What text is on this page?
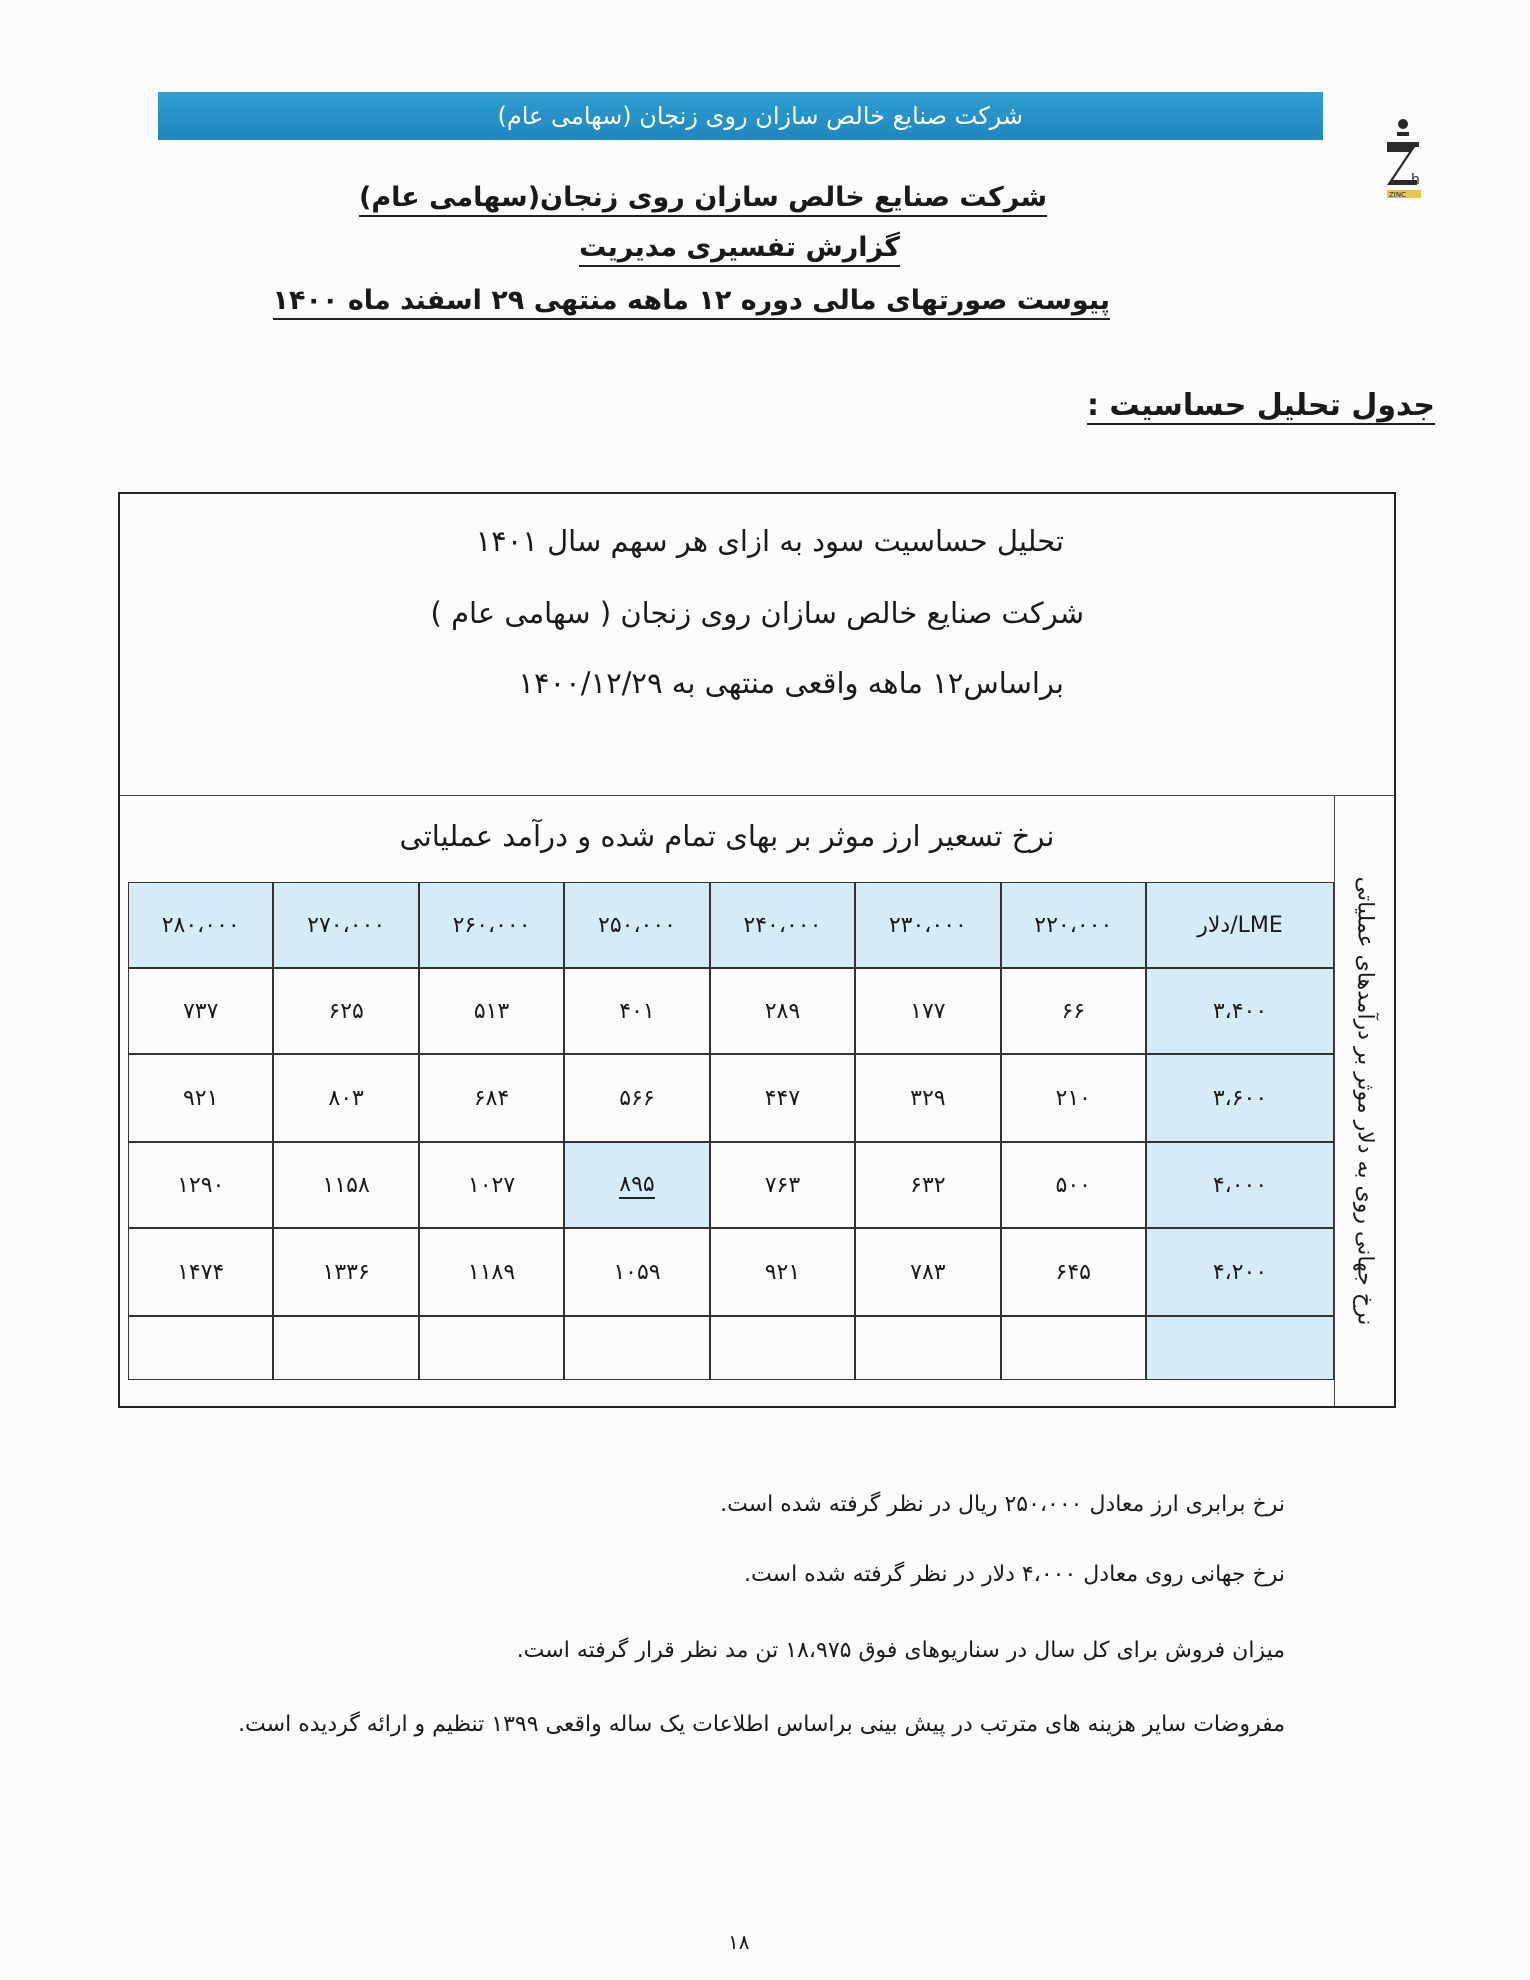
شرکت صنایع خالص سازان روی زنجان (سهامی عام)
h
ZINC
شرکت صنایع خالص سازان روی زنجان(سهامی عام)
گزارش تفسیری مدیریت
پیوست صورتهای مالی دوره ۱۲ ماهه منتهی ۲۹ اسفند ماه ۱۴۰۰
جدول تحلیل حساسیت :
تحلیل حساسیت سود به ازای هر سهم سال ۱۴۰۱
شرکت صنایع خالص سازان روی زنجان ( سهامی عام )
براساس۱۲ ماهه واقعی منتهی به ۱۴۰۰/۱۲/۲۹
نرخ جهانی روی به دلار موثر بر درآمدهای عملیاتی
نرخ تسعیر ارز موثر بر بهای تمام شده و درآمد عملیاتی
LME/دلار
۲۲۰،۰۰۰
۲۳۰،۰۰۰
۲۴۰،۰۰۰
۲۵۰،۰۰۰
۲۶۰،۰۰۰
۲۷۰،۰۰۰
۲۸۰،۰۰۰
۳،۴۰۰
۶۶
۱۷۷
۲۸۹
۴۰۱
۵۱۳
۶۲۵
۷۳۷
۳،۶۰۰
۲۱۰
۳۲۹
۴۴۷
۵۶۶
۶۸۴
۸۰۳
۹۲۱
۴،۰۰۰
۵۰۰
۶۳۲
۷۶۳
۸۹۵
۱۰۲۷
۱۱۵۸
۱۲۹۰
۴،۲۰۰
۶۴۵
۷۸۳
۹۲۱
۱۰۵۹
۱۱۸۹
۱۳۳۶
۱۴۷۴
نرخ برابری ارز معادل ۲۵۰،۰۰۰ ریال در نظر گرفته شده است.
نرخ جهانی روی معادل ۴،۰۰۰ دلار در نظر گرفته شده است.
میزان فروش برای کل سال در سناریوهای فوق ۱۸،۹۷۵ تن مد نظر قرار گرفته است.
مفروضات سایر هزینه های مترتب در پیش بینی براساس اطلاعات یک ساله واقعی ۱۳۹۹ تنظیم و ارائه گردیده است.
۱۸
